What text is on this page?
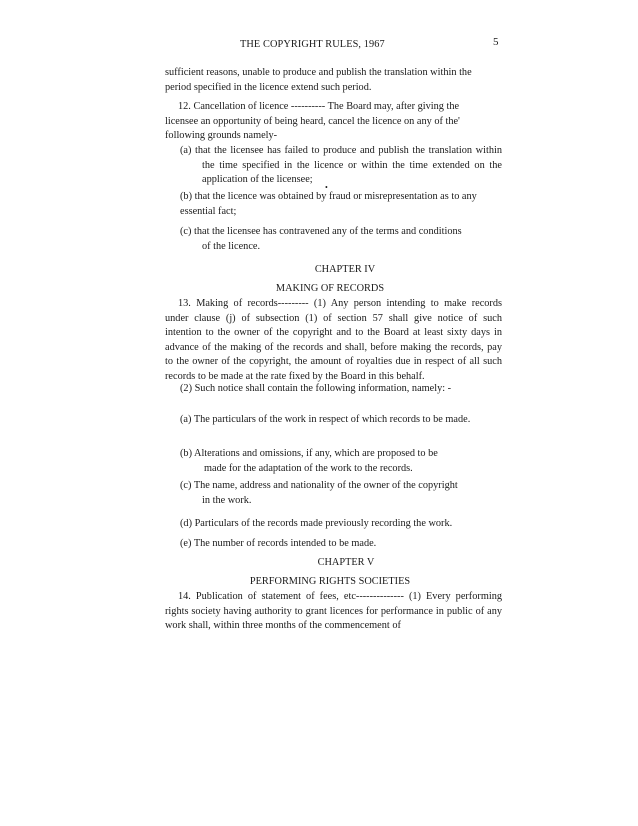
THE COPYRIGHT RULES, 1967	5
sufficient reasons, unable to produce and publish the translation within the
period specified in the licence extend such period.
12. Cancellation of licence ---------- The Board may, after giving the
licensee an opportunity of being heard, cancel the licence on any of the'
following grounds namely-
(a) that the licensee has failed to produce and publish the translation within
the time specified in the licence or within the time extended on the
application of the licensee;
•
(b) that the licence was obtained by fraud or misrepresentation as to any
essential fact;
(c) that the licensee has contravened any of the terms and conditions
of the licence.
CHAPTER IV
MAKING OF RECORDS
13. Making of records--------- (1) Any person intending to make records
under clause (j) of subsection (1) of section 57 shall give notice of such
intention to the owner of the copyright and to the Board at least sixty days in
advance of the making of the records and shall, before making the records, pay
to the owner of the copyright, the amount of royalties due in respect of all such
records to be made at the rate fixed by the Board in this behalf.
(2) Such notice shall contain the following information, namely: -
(a) The particulars of the work in respect of which records to be made.
(b) Alterations and omissions, if any, which are proposed to be
made for the adaptation of the work to the records.
(c) The name, address and nationality of the owner of the copyright
in the work.
(d) Particulars of the records made previously recording the work.
(e) The number of records intended to be made.
CHAPTER V
PERFORMING RIGHTS SOCIETIES
14. Publication of statement of fees, etc-------------- (1) Every performing
rights society having authority to grant licences for performance in public of any
work shall, within three months of the commencement of
